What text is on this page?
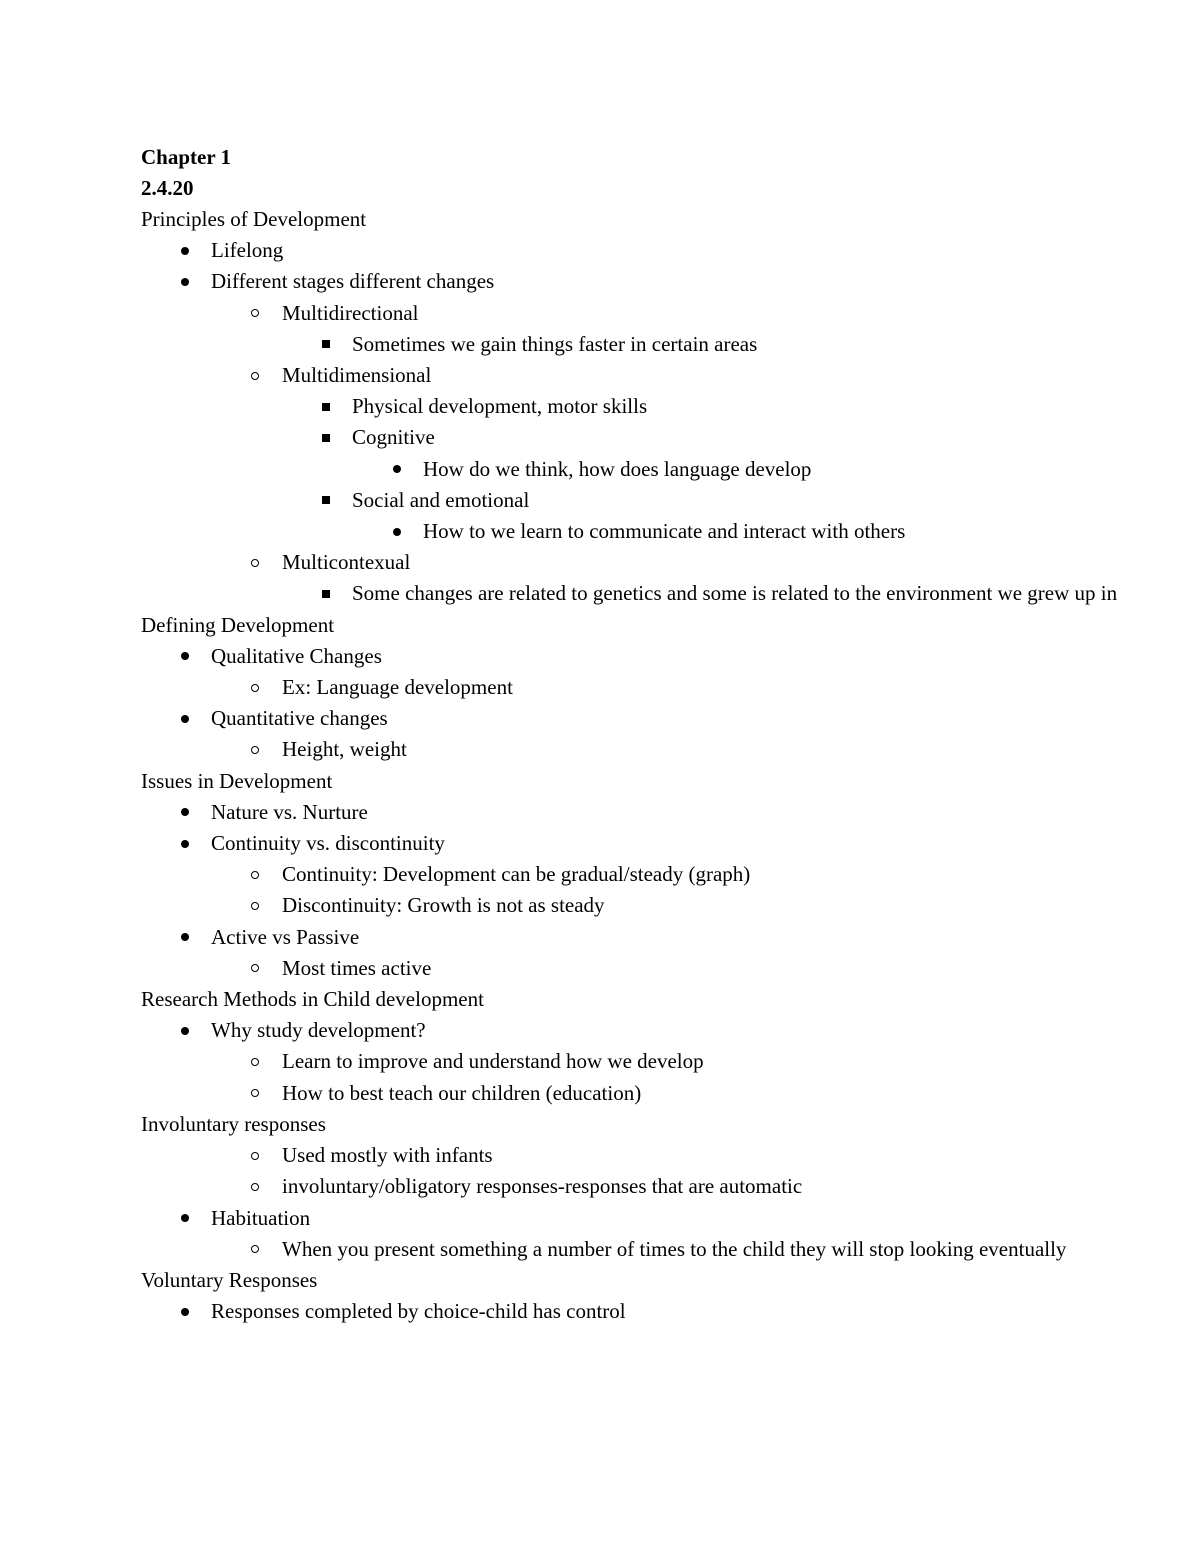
Chapter 1
2.4.20
Principles of Development
Lifelong
Different stages different changes
Multidirectional
Sometimes we gain things faster in certain areas
Multidimensional
Physical development, motor skills
Cognitive
How do we think, how does language develop
Social and emotional
How to we learn to communicate and interact with others
Multicontexual
Some changes are related to genetics and some is related to the environment we grew up in
Defining Development
Qualitative Changes
Ex: Language development
Quantitative changes
Height, weight
Issues in Development
Nature vs. Nurture
Continuity vs. discontinuity
Continuity: Development can be gradual/steady (graph)
Discontinuity: Growth is not as steady
Active vs Passive
Most times active
Research Methods in Child development
Why study development?
Learn to improve and understand how we develop
How to best teach our children (education)
Involuntary responses
Used mostly with infants
involuntary/obligatory responses-responses that are automatic
Habituation
When you present something a number of times to the child they will stop looking eventually
Voluntary Responses
Responses completed by choice-child has control
